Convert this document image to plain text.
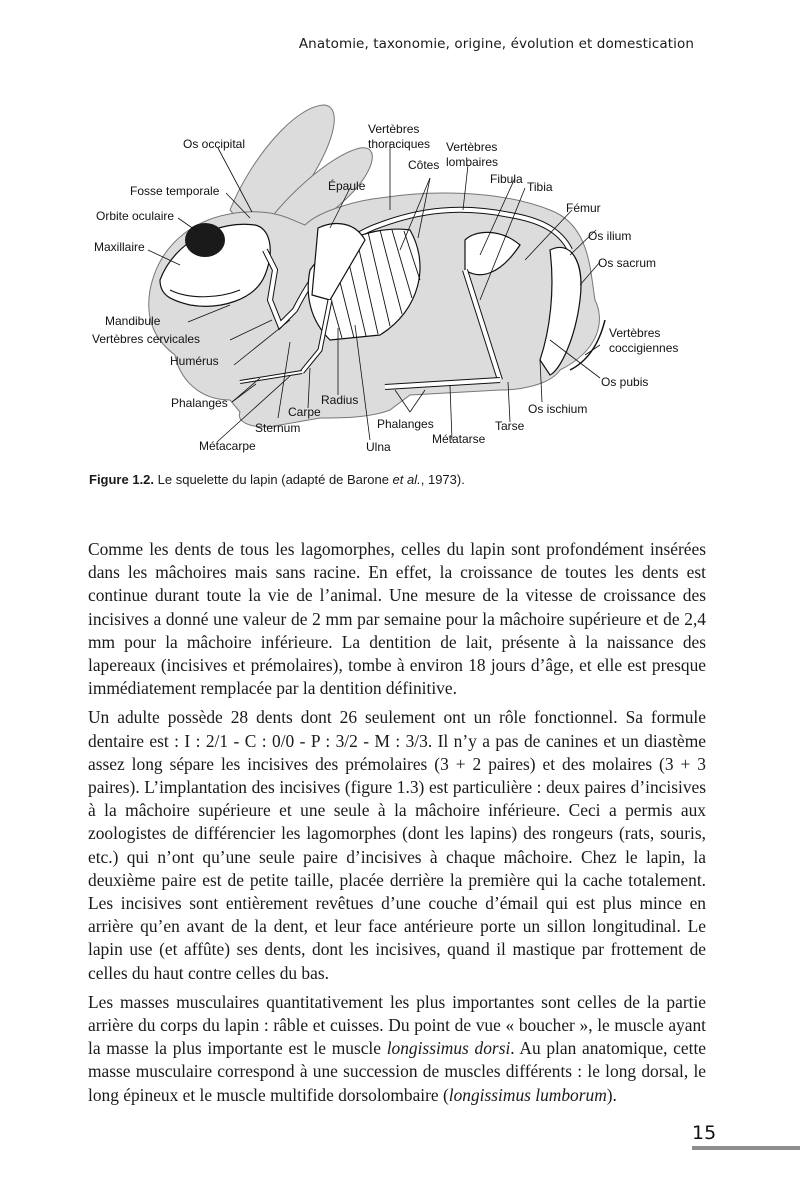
Anatomie, taxonomie, origine, évolution et domestication
Os occipital
Fosse temporale
Orbite oculaire
Maxillaire
Mandibule
Vertèbres cervicales
Humérus
Phalanges
Métacarpe
Sternum
Carpe
Radius
Ulna
Épaule
Vertèbres
thoraciques
Côtes
Vertèbres
lombaires
Fibula
Tibia
Fémur
Os ilium
Os sacrum
Vertèbres
coccigiennes
Os pubis
Os ischium
Tarse
Métatarse
Phalanges
Figure 1.2. Le squelette du lapin (adapté de Barone et al., 1973).

Comme les dents de tous les lagomorphes, celles du lapin sont profondément insérées dans les mâchoires mais sans racine. En effet, la croissance de toutes les dents est continue durant toute la vie de l’animal. Une mesure de la vitesse de croissance des incisives a donné une valeur de 2 mm par semaine pour la mâchoire supérieure et de 2,4 mm pour la mâchoire inférieure. La dentition de lait, présente à la naissance des lapereaux (incisives et prémolaires), tombe à environ 18 jours d’âge, et elle est presque immédiatement remplacée par la dentition définitive.

Un adulte possède 28 dents dont 26 seulement ont un rôle fonctionnel. Sa formule dentaire est : I : 2/1 - C : 0/0 - P : 3/2 - M : 3/3. Il n’y a pas de canines et un diastème assez long sépare les incisives des prémolaires (3 + 2 paires) et des molaires (3 + 3 paires). L’implantation des incisives (figure 1.3) est particulière : deux paires d’incisives à la mâchoire supérieure et une seule à la mâchoire inférieure. Ceci a permis aux zoologistes de différencier les lagomorphes (dont les lapins) des rongeurs (rats, souris, etc.) qui n’ont qu’une seule paire d’incisives à chaque mâchoire. Chez le lapin, la deuxième paire est de petite taille, placée derrière la première qui la cache totalement. Les incisives sont entièrement revêtues d’une couche d’émail qui est plus mince en arrière qu’en avant de la dent, et leur face antérieure porte un sillon longitudinal. Le lapin use (et affûte) ses dents, dont les incisives, quand il mastique par frottement de celles du haut contre celles du bas.

Les masses musculaires quantitativement les plus importantes sont celles de la partie arrière du corps du lapin : râble et cuisses. Du point de vue « boucher », le muscle ayant la masse la plus importante est le muscle longissimus dorsi. Au plan anatomique, cette masse musculaire correspond à une succession de muscles différents : le long dorsal, le long épineux et le muscle multifide dorsolombaire (longissimus lumborum).

15
